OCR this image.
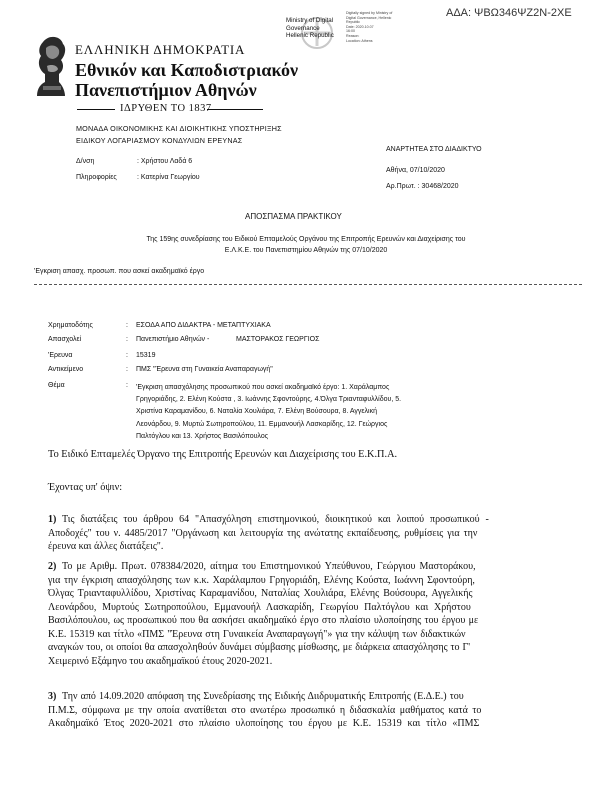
ΑΔΑ: ΨΒΩ346ΨΖ2Ν-2ΧΕ
Ministry of Digital
Governance
Hellenic Republic
Digitally signed by Ministry of
Digital Governance, Hellenic
Republic
Date: 2020.10.07
16:00
Reason:
Location: Athens
ΕΛΛΗΝΙΚΗ ΔΗΜΟΚΡΑΤΙΑ
Εθνικόν και Καποδιστριακόν
Πανεπιστήμιον Αθηνών
ΙΔΡΥΘΕΝ ΤΟ 1837
ΜΟΝΑΔΑ ΟΙΚΟΝΟΜΙΚΗΣ ΚΑΙ ΔΙΟΙΚΗΤΙΚΗΣ ΥΠΟΣΤΗΡΙΞΗΣ
ΕΙΔΙΚΟΥ ΛΟΓΑΡΙΑΣΜΟΥ ΚΟΝΔΥΛΙΩΝ ΕΡΕΥΝΑΣ
ΑΝΑΡΤΗΤΕΑ ΣΤΟ ΔΙΑΔΙΚΤΥΟ
Δ/νση	: Χρήστου Λαδά 6
Πληροφορίες	: Κατερίνα Γεωργίου
Αθήνα, 07/10/2020
Αρ.Πρωτ. : 30468/2020
ΑΠΟΣΠΑΣΜΑ ΠΡΑΚΤΙΚΟΥ
Της 159ης συνεδρίασης του Ειδικού Επταμελούς Οργάνου της Επιτροπής Ερευνών και Διαχείρισης του
Ε.Λ.Κ.Ε. του Πανεπιστημίου Αθηνών της 07/10/2020
'Εγκριση απασχ. προσωπ. που ασκεί ακαδημαϊκό έργο
Χρηματοδότης	: ΕΣΟΔΑ ΑΠΟ ΔΙΔΑΚΤΡΑ - ΜΕΤΑΠΤΥΧΙΑΚΑ
Απασχολεί	: Πανεπιστήμιο Αθηνών -	ΜΑΣΤΟΡΑΚΟΣ ΓΕΩΡΓΙΟΣ
'Ερευνα	: 15319
Αντικείμενο	: ΠΜΣ "Έρευνα στη Γυναικεία Αναπαραγωγή"
Θέμα	: 'Εγκριση απασχόλησης προσωπικού που ασκεί ακαδημαϊκό έργο: 1. Χαράλαμπος
Γρηγοριάδης, 2. Ελένη Κούστα , 3. Ιωάννης Σφοντούρης, 4.Όλγα Τριανταφυλλίδου, 5.
Χριστίνα Καραμανίδου, 6. Ναταλία Χουλιάρα, 7. Ελένη Βούσουρα, 8. Αγγελική
Λεονάρδου, 9. Μυρτώ Σωτηροπούλου, 11. Εμμανουήλ Λασκαρίδης, 12. Γεώργιος
Παλτόγλου και 13. Χρήστος Βασιλόπουλος
Το Ειδικό Επταμελές Όργανο της Επιτροπής Ερευνών και Διαχείρισης του Ε.Κ.Π.Α.
Έχοντας υπ' όψιν:
1) Τις διατάξεις του άρθρου 64 "Απασχόληση επιστημονικού, διοικητικού και λοιπού προσωπικού -
Αποδοχές" του ν. 4485/2017 "Οργάνωση και λειτουργία της ανώτατης εκπαίδευσης, ρυθμίσεις για την
έρευνα και άλλες διατάξεις".
2) Το με Αριθμ. Πρωτ. 078384/2020, αίτημα του Επιστημονικού Υπεύθυνου, Γεώργιου Μαστοράκου,
για την έγκριση απασχόλησης των κ.κ. Χαράλαμπου Γρηγοριάδη, Ελένης Κούστα, Ιωάννη Σφοντούρη,
Όλγας Τριανταφυλλίδου, Χριστίνας Καραμανίδου, Ναταλίας Χουλιάρα, Ελένης Βούσουρα, Αγγελικής
Λεονάρδου, Μυρτούς Σωτηροπούλου, Εμμανουήλ Λασκαρίδη, Γεωργίου Παλτόγλου και Χρήστου
Βασιλόπουλου, ως προσωπικού που θα ασκήσει ακαδημαϊκό έργο στο πλαίσιο υλοποίησης του έργου με
Κ.Ε. 15319 και τίτλο «ΠΜΣ "Έρευνα στη Γυναικεία Αναπαραγωγή"» για την κάλυψη των διδακτικών
αναγκών του, οι οποίοι θα απασχοληθούν δυνάμει σύμβασης μίσθωσης, με διάρκεια απασχόλησης το Γ'
Χειμερινό Εξάμηνο του ακαδημαϊκού έτους 2020-2021.
3) Την από 14.09.2020 απόφαση της Συνεδρίασης της Ειδικής Διιδρυματικής Επιτροπής (Ε.Δ.Ε.) του
Π.Μ.Σ, σύμφωνα με την οποία ανατίθεται στο ανωτέρω προσωπικό η διδασκαλία μαθήματος κατά το
Ακαδημαϊκό Έτος 2020-2021 στο πλαίσιο υλοποίησης του έργου με Κ.Ε. 15319 και τίτλο «ΠΜΣ
